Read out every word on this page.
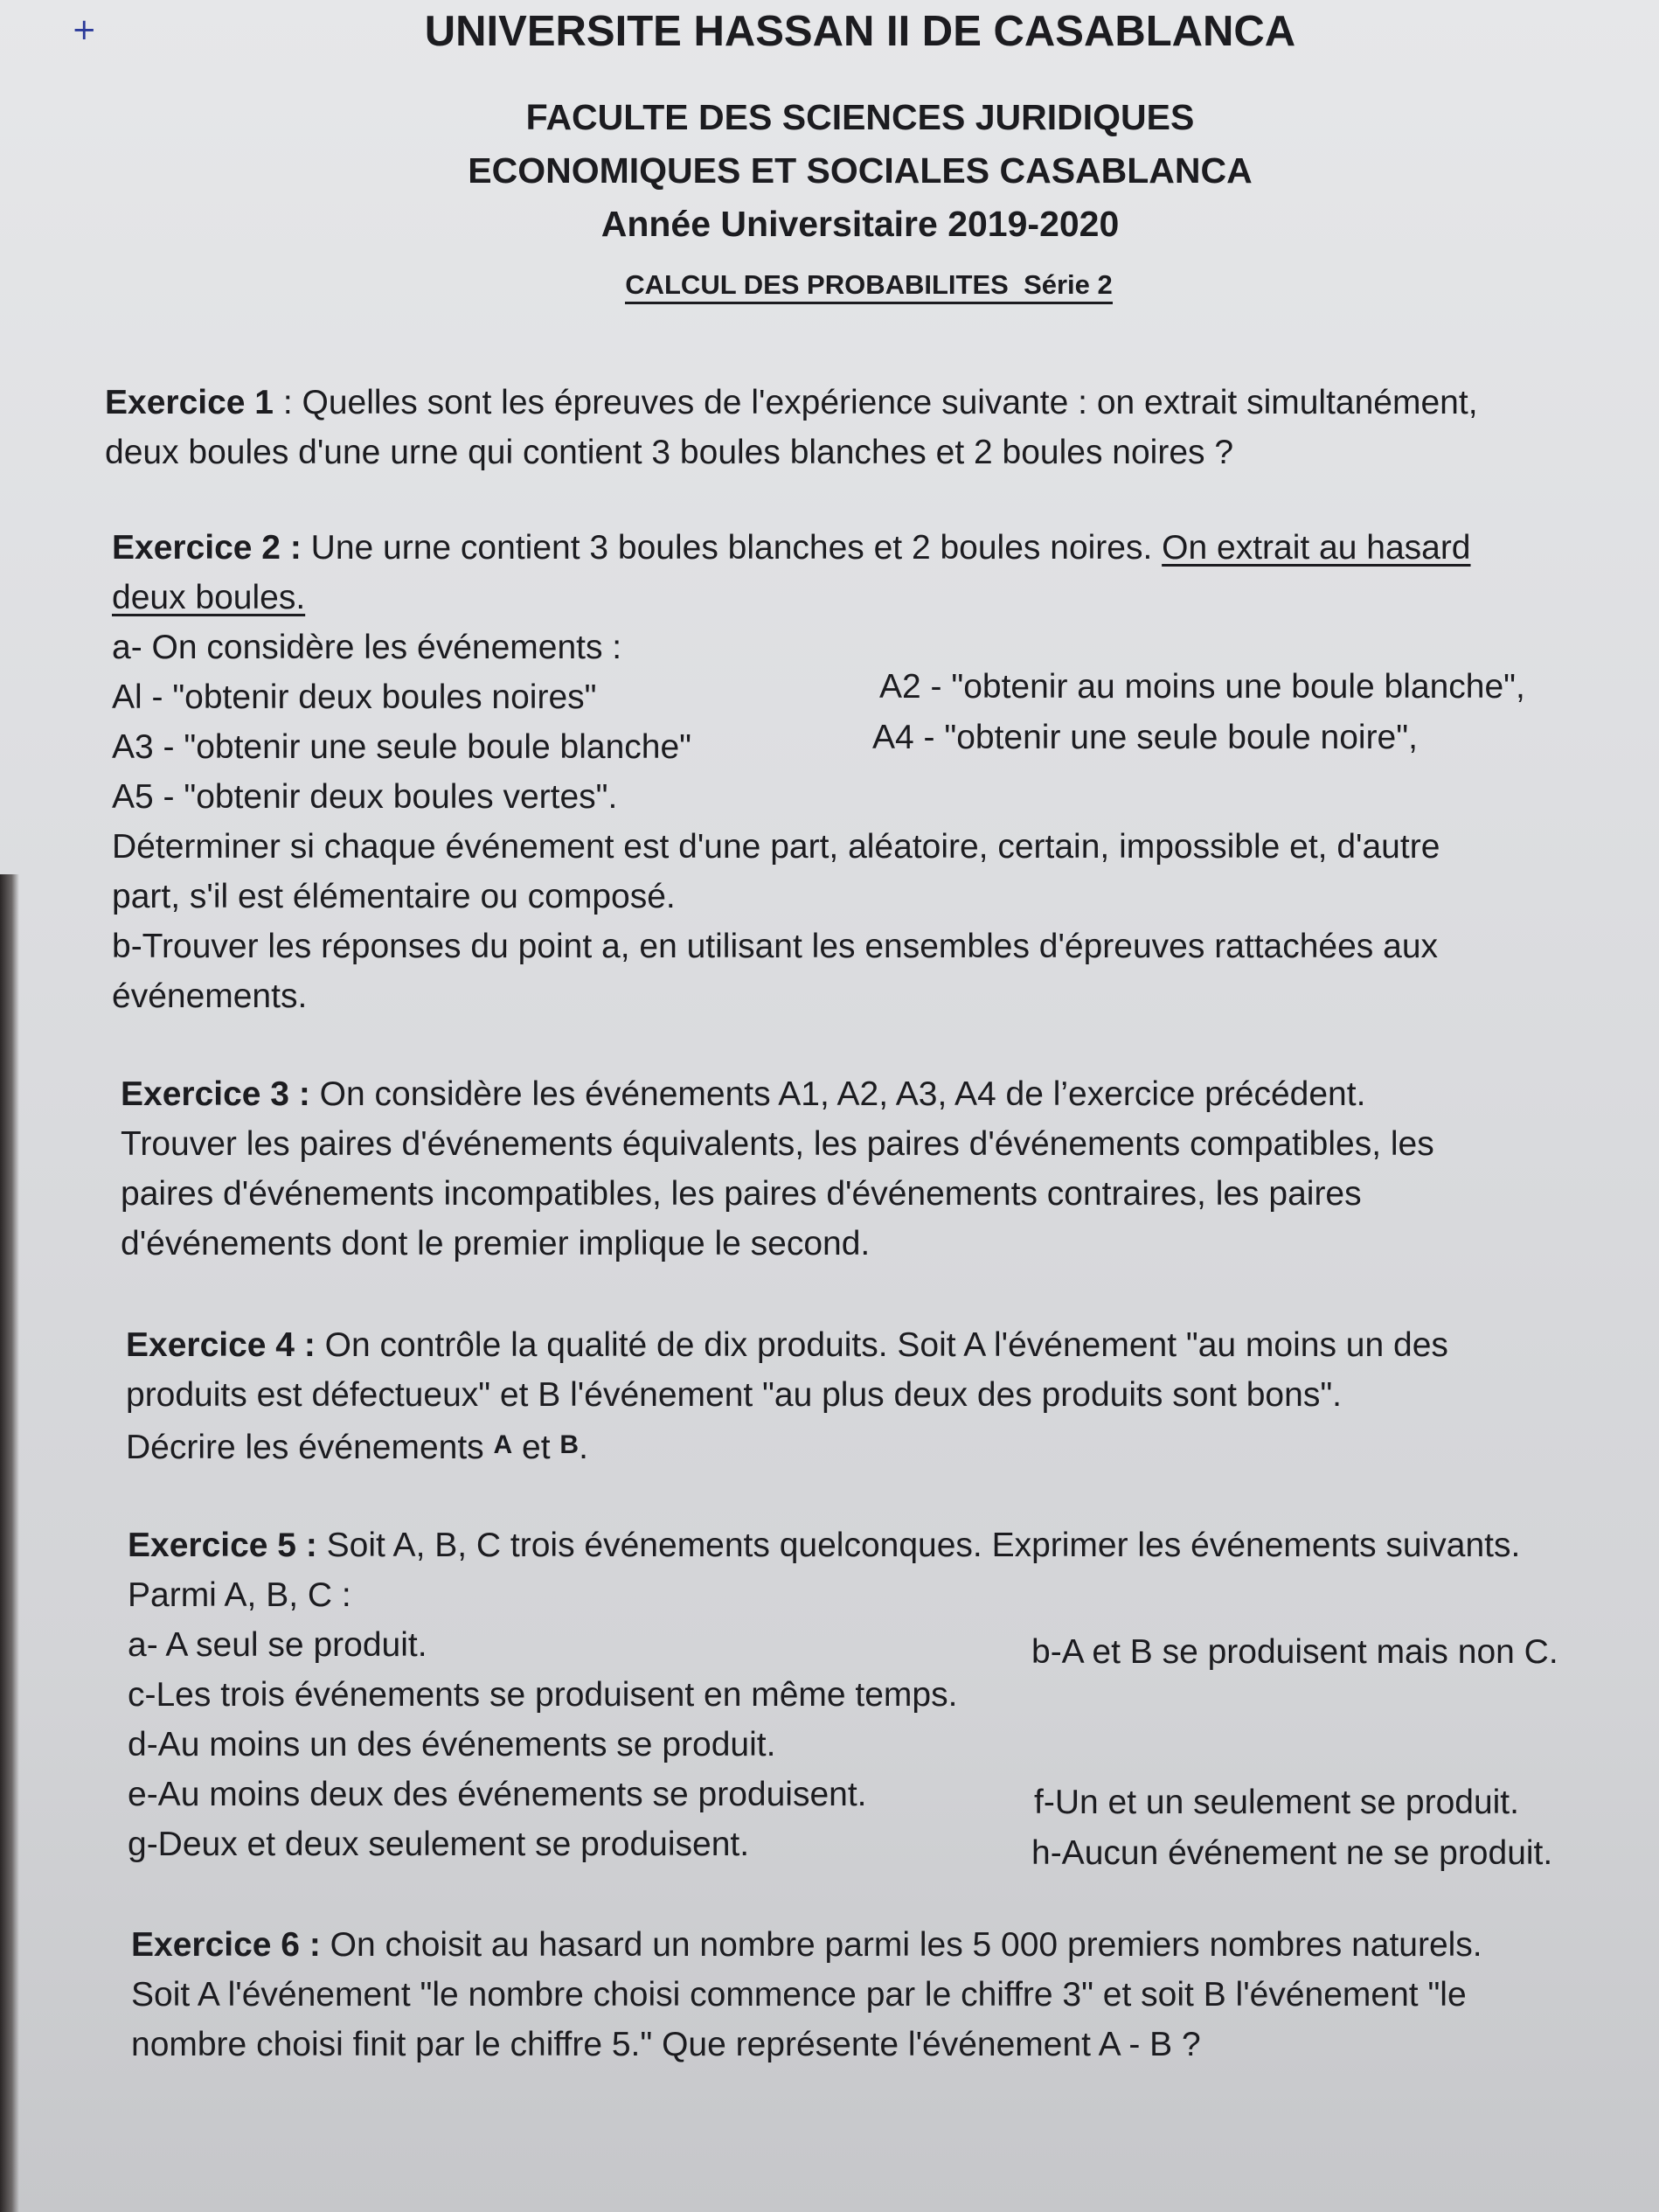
+	UNIVERSITE HASSAN II DE CASABLANCA
FACULTE DES SCIENCES JURIDIQUES
ECONOMIQUES ET SOCIALES CASABLANCA
Année Universitaire 2019-2020
CALCUL DES PROBABILITES Série 2
Exercice 1 : Quelles sont les épreuves de l'expérience suivante : on extrait simultanément,
deux boules d'une urne qui contient 3 boules blanches et 2 boules noires ?
Exercice 2 : Une urne contient 3 boules blanches et 2 boules noires. On extrait au hasard
deux boules.
a- On considère les événements :
Al - "obtenir deux boules noires"
A3 - "obtenir une seule boule blanche"
A5 - "obtenir deux boules vertes".
Déterminer si chaque événement est d'une part, aléatoire, certain, impossible et, d'autre
part, s'il est élémentaire ou composé.
b-Trouver les réponses du point a, en utilisant les ensembles d'épreuves rattachées aux
événements.
A2 - "obtenir au moins une boule blanche",
A4 - "obtenir une seule boule noire",
Exercice 3 : On considère les événements A1, A2, A3, A4 de l’exercice précédent.
Trouver les paires d'événements équivalents, les paires d'événements compatibles, les
paires d'événements incompatibles, les paires d'événements contraires, les paires
d'événements dont le premier implique le second.
Exercice 4 : On contrôle la qualité de dix produits. Soit A l'événement "au moins un des
produits est défectueux" et B l'événement "au plus deux des produits sont bons".
Décrire les événements A et B.
Exercice 5 : Soit A, B, C trois événements quelconques. Exprimer les événements suivants.
Parmi A, B, C :
a- A seul se produit.
c-Les trois événements se produisent en même temps.
d-Au moins un des événements se produit.
e-Au moins deux des événements se produisent.
g-Deux et deux seulement se produisent.
b-A et B se produisent mais non C.
f-Un et un seulement se produit.
h-Aucun événement ne se produit.
Exercice 6 : On choisit au hasard un nombre parmi les 5 000 premiers nombres naturels.
Soit A l'événement "le nombre choisi commence par le chiffre 3" et soit B l'événement "le
nombre choisi finit par le chiffre 5." Que représente l'événement A - B ?
